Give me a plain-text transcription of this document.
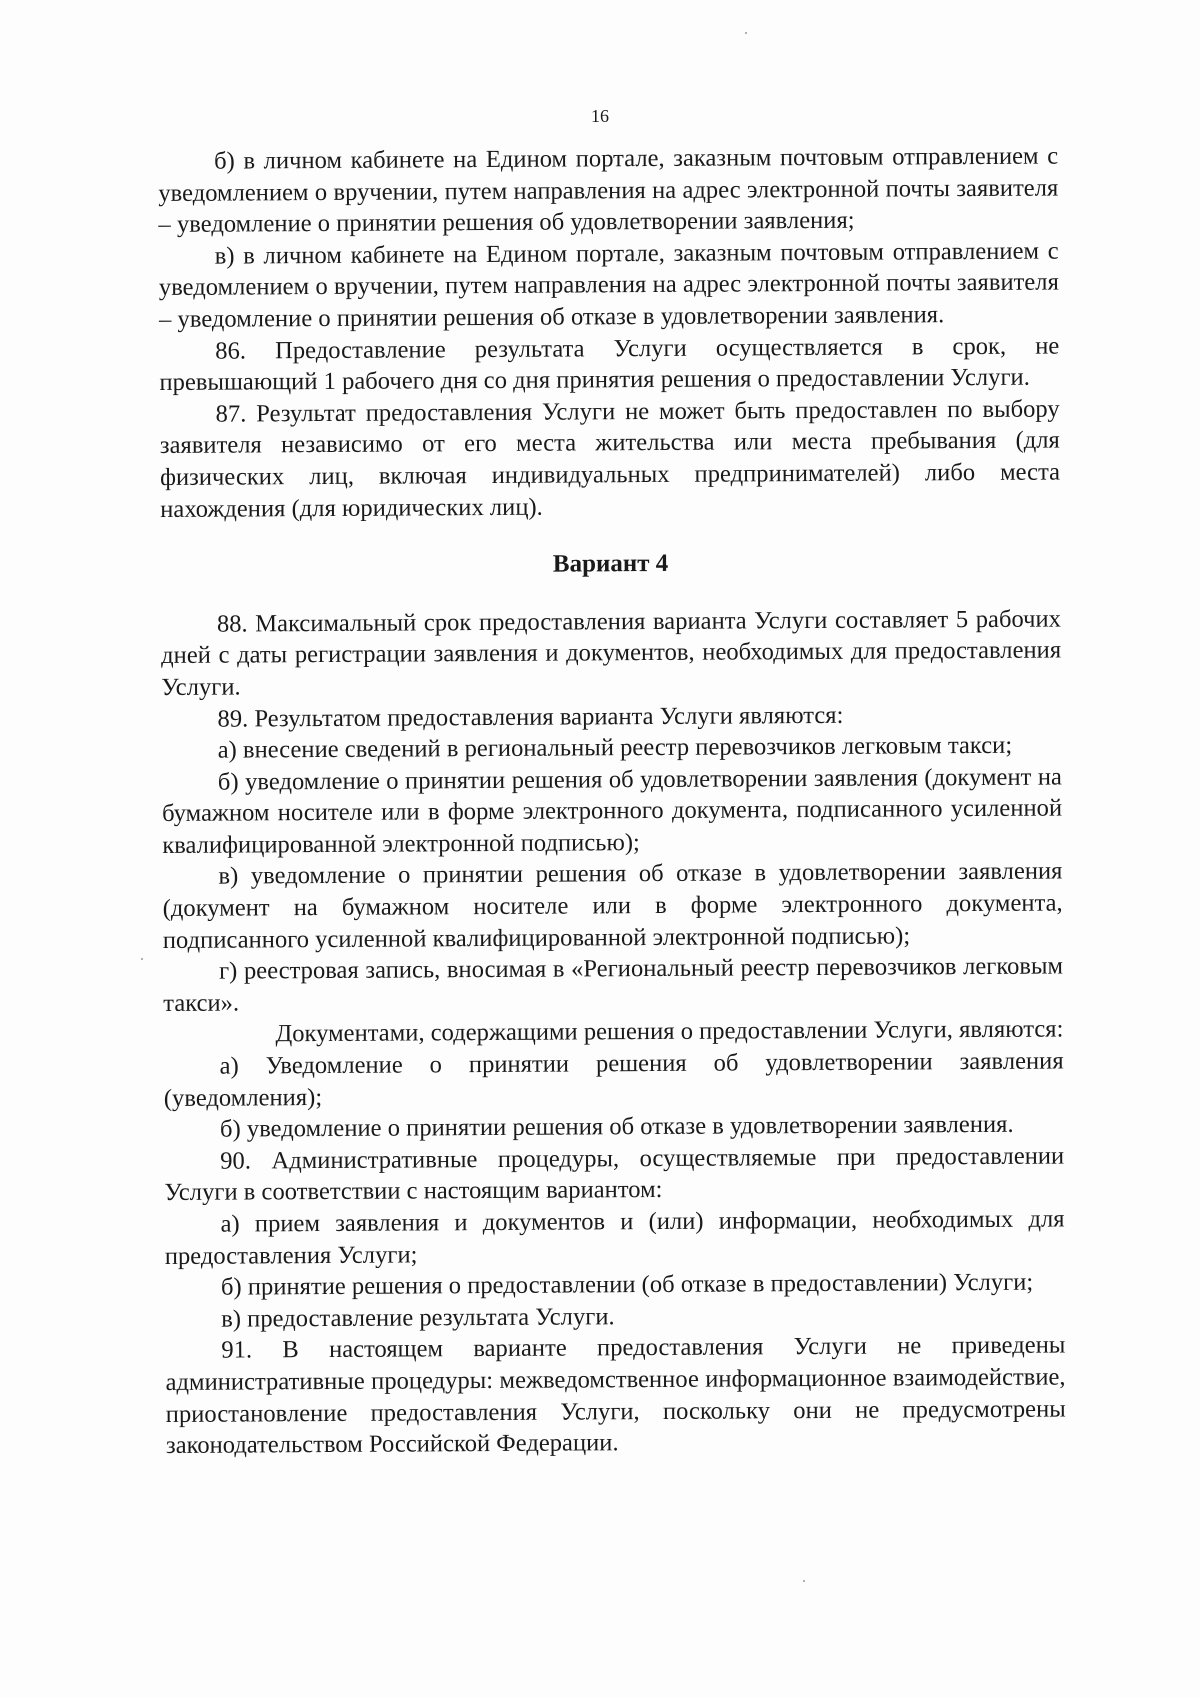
16

б) в личном кабинете на Едином портале, заказным почтовым отправлением с уведомлением о вручении, путем направления на адрес электронной почты заявителя – уведомление о принятии решения об удовлетворении заявления;

в) в личном кабинете на Едином портале, заказным почтовым отправлением с уведомлением о вручении, путем направления на адрес электронной почты заявителя – уведомление о принятии решения об отказе в удовлетворении заявления.

86. Предоставление результата Услуги осуществляется в срок, не превышающий 1 рабочего дня со дня принятия решения о предоставлении Услуги.

87. Результат предоставления Услуги не может быть предоставлен по выбору заявителя независимо от его места жительства или места пребывания (для физических лиц, включая индивидуальных предпринимателей) либо места нахождения (для юридических лиц).

Вариант 4

88. Максимальный срок предоставления варианта Услуги составляет 5 рабочих дней с даты регистрации заявления и документов, необходимых для предоставления Услуги.

89. Результатом предоставления варианта Услуги являются:

а) внесение сведений в региональный реестр перевозчиков легковым такси;

б) уведомление о принятии решения об удовлетворении заявления (документ на бумажном носителе или в форме электронного документа, подписанного усиленной квалифицированной электронной подписью);

в) уведомление о принятии решения об отказе в удовлетворении заявления (документ на бумажном носителе или в форме электронного документа, подписанного усиленной квалифицированной электронной подписью);

г) реестровая запись, вносимая в «Региональный реестр перевозчиков легковым такси».

Документами, содержащими решения о предоставлении Услуги, являются:

а) Уведомление о принятии решения об удовлетворении заявления (уведомления);

б) уведомление о принятии решения об отказе в удовлетворении заявления.

90. Административные процедуры, осуществляемые при предоставлении Услуги в соответствии с настоящим вариантом:

а) прием заявления и документов и (или) информации, необходимых для предоставления Услуги;

б) принятие решения о предоставлении (об отказе в предоставлении) Услуги;

в) предоставление результата Услуги.

91. В настоящем варианте предоставления Услуги не приведены административные процедуры: межведомственное информационное взаимодействие, приостановление предоставления Услуги, поскольку они не предусмотрены законодательством Российской Федерации.
